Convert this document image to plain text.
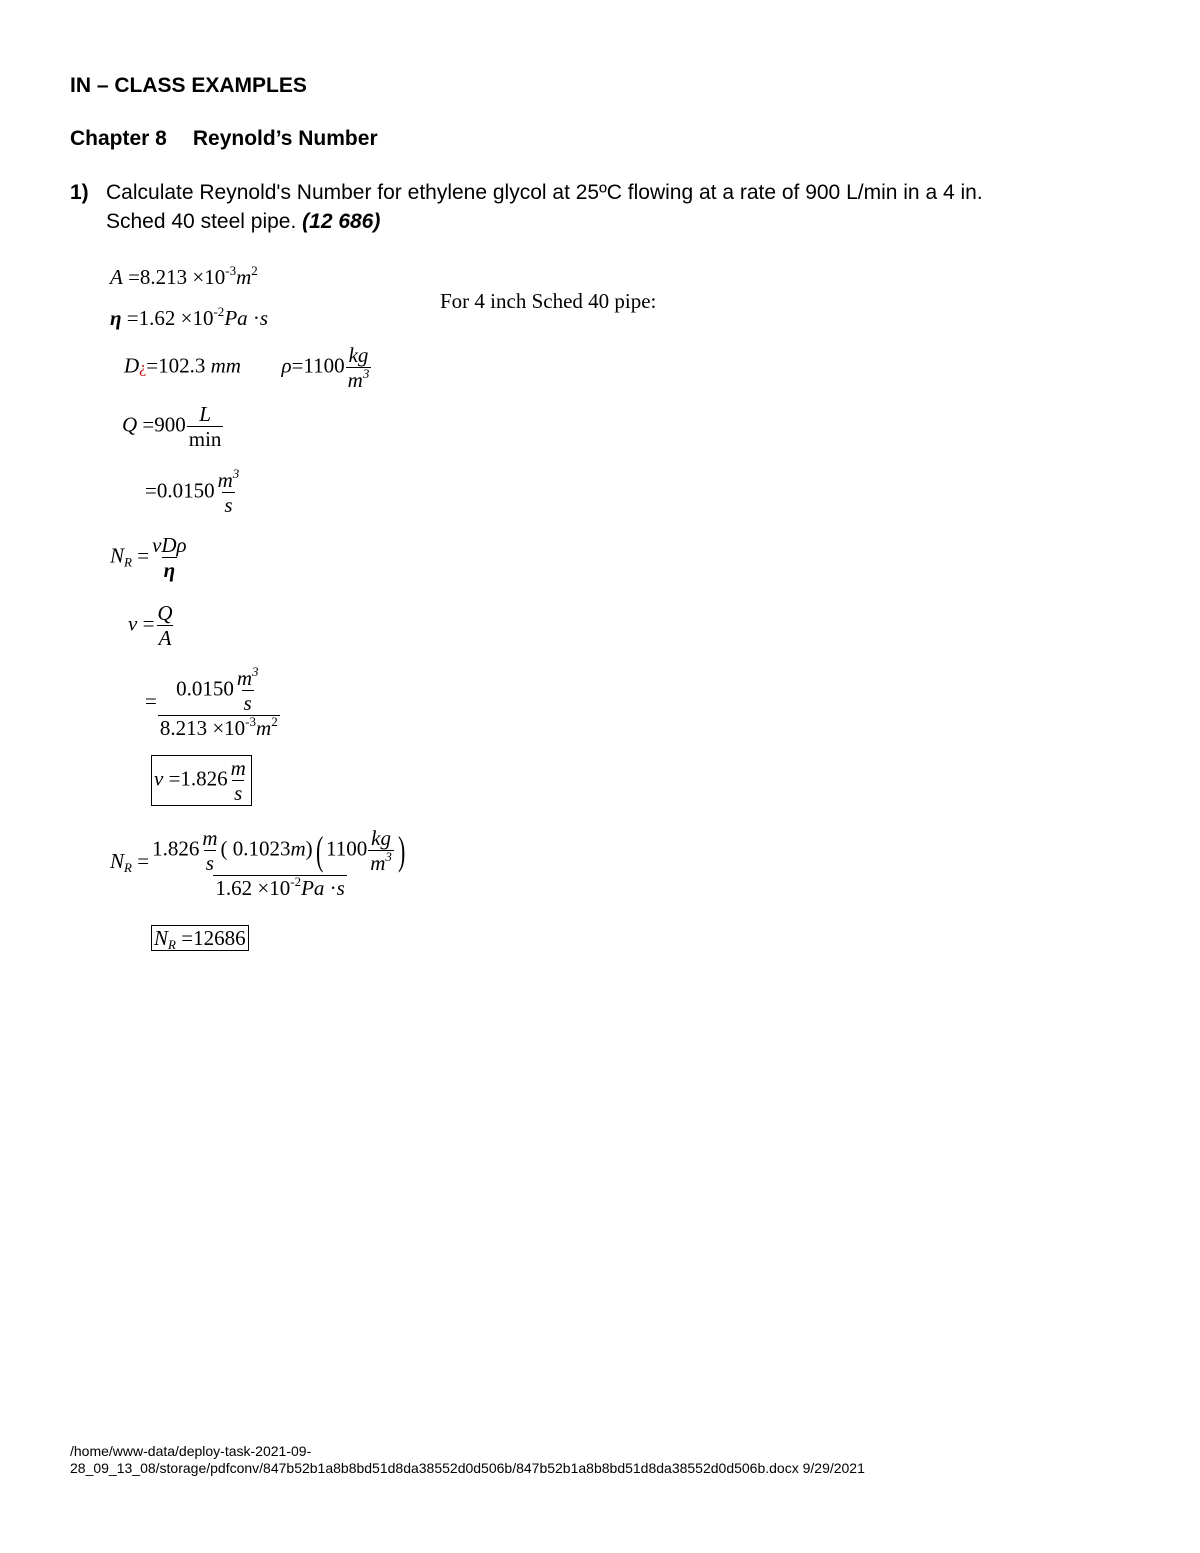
IN – CLASS EXAMPLES
Chapter 8 Reynold’s Number
1) Calculate Reynold's Number for ethylene glycol at 25ºC flowing at a rate of 900 L/min in a 4 in.
Sched 40 steel pipe. (12 686)
For 4 inch Sched 40 pipe:
$A =8.213 \times 10^{-3}m^2$
$\eta =1.62 \times 10^{-2}Pa \cdot s$
D¿=102.3 mm $\rho=1100 \frac{kg}{m^3}$
$Q =900 \frac{L}{\min}$
$=0.0150 \frac{m^3}{s}$
$N_R = \frac{\text{vDρ}}{\eta}$
$v = \frac{Q}{A}$
= $\frac{0.0150 \frac{m^3}{s}}{8.213 \times 10^{-3}m^2}$
$v =1.826 \frac{m}{s}$
$N_R = \frac{1.826 \frac{m}{s} ( 0.1023m)( 1100 \frac{kg}{m^3} )}{1.62 \times 10^{-2}Pa \cdot s}$
$N_R =12686$
/home/www-data/deploy-task-2021-09-
28_09_13_08/storage/pdfconv/847b52b1a8b8bd51d8da38552d0d506b/847b52b1a8b8bd51d8da38552d0d506b.docx 9/29/2021
